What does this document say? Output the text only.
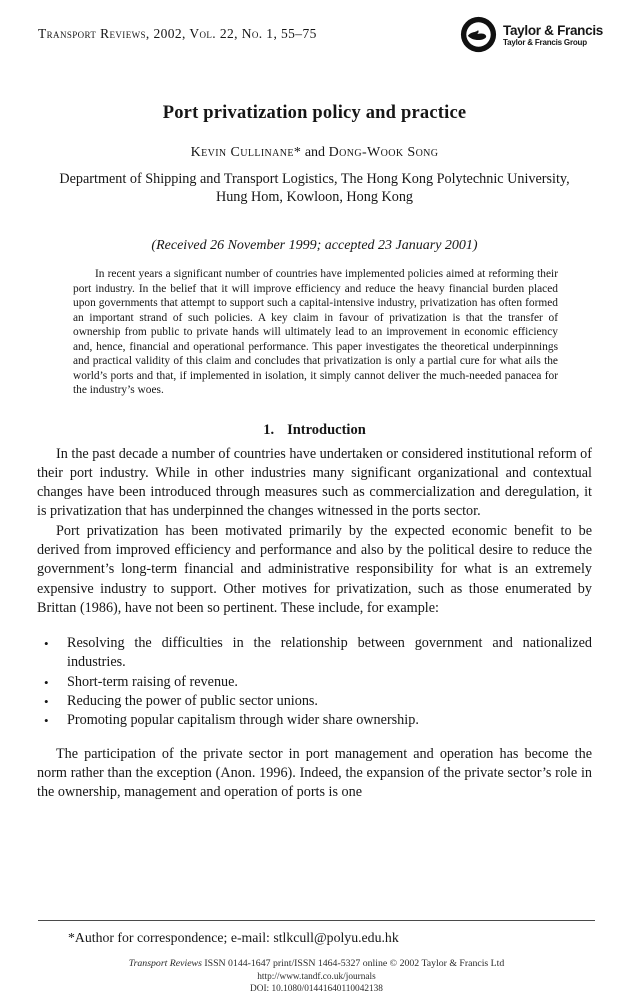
Transport Reviews, 2002, Vol. 22, No. 1, 55–75	Taylor & Francis
Taylor & Francis Group
Port privatization policy and practice
Kevin Cullinane* and Dong-Wook Song
Department of Shipping and Transport Logistics, The Hong Kong Polytechnic University,
Hung Hom, Kowloon, Hong Kong
(Received 26 November 1999; accepted 23 January 2001)

In recent years a significant number of countries have implemented policies aimed at reforming their port industry. In the belief that it will improve efficiency and reduce the heavy financial burden placed upon governments that attempt to support such a capital-intensive industry, privatization has often formed an important strand of such policies. A key claim in favour of privatization is that the transfer of ownership from public to private hands will ultimately lead to an improvement in economic efficiency and, hence, financial and operational performance. This paper investigates the theoretical underpinnings and practical validity of this claim and concludes that privatization is only a partial cure for what ails the world’s ports and that, if implemented in isolation, it simply cannot deliver the much-needed panacea for the industry’s woes.

1. Introduction

In the past decade a number of countries have undertaken or considered institutional reform of their port industry. While in other industries many significant organizational and contextual changes have been introduced through measures such as commercialization and deregulation, it is privatization that has underpinned the changes witnessed in the ports sector.

Port privatization has been motivated primarily by the expected economic benefit to be derived from improved efficiency and performance and also by the political desire to reduce the government’s long-term financial and administrative responsibility for what is an extremely expensive industry to support. Other motives for privatization, such as those enumerated by Brittan (1986), have not been so pertinent. These include, for example:

•	Resolving the difficulties in the relationship between government and nationalized industries.
•	Short-term raising of revenue.
•	Reducing the power of public sector unions.
•	Promoting popular capitalism through wider share ownership.

The participation of the private sector in port management and operation has become the norm rather than the exception (Anon. 1996). Indeed, the expansion of the private sector’s role in the ownership, management and operation of ports is one

*Author for correspondence; e-mail: stlkcull@polyu.edu.hk
Transport Reviews ISSN 0144-1647 print/ISSN 1464-5327 online © 2002 Taylor & Francis Ltd
http://www.tandf.co.uk/journals
DOI: 10.1080/01441640110042138
